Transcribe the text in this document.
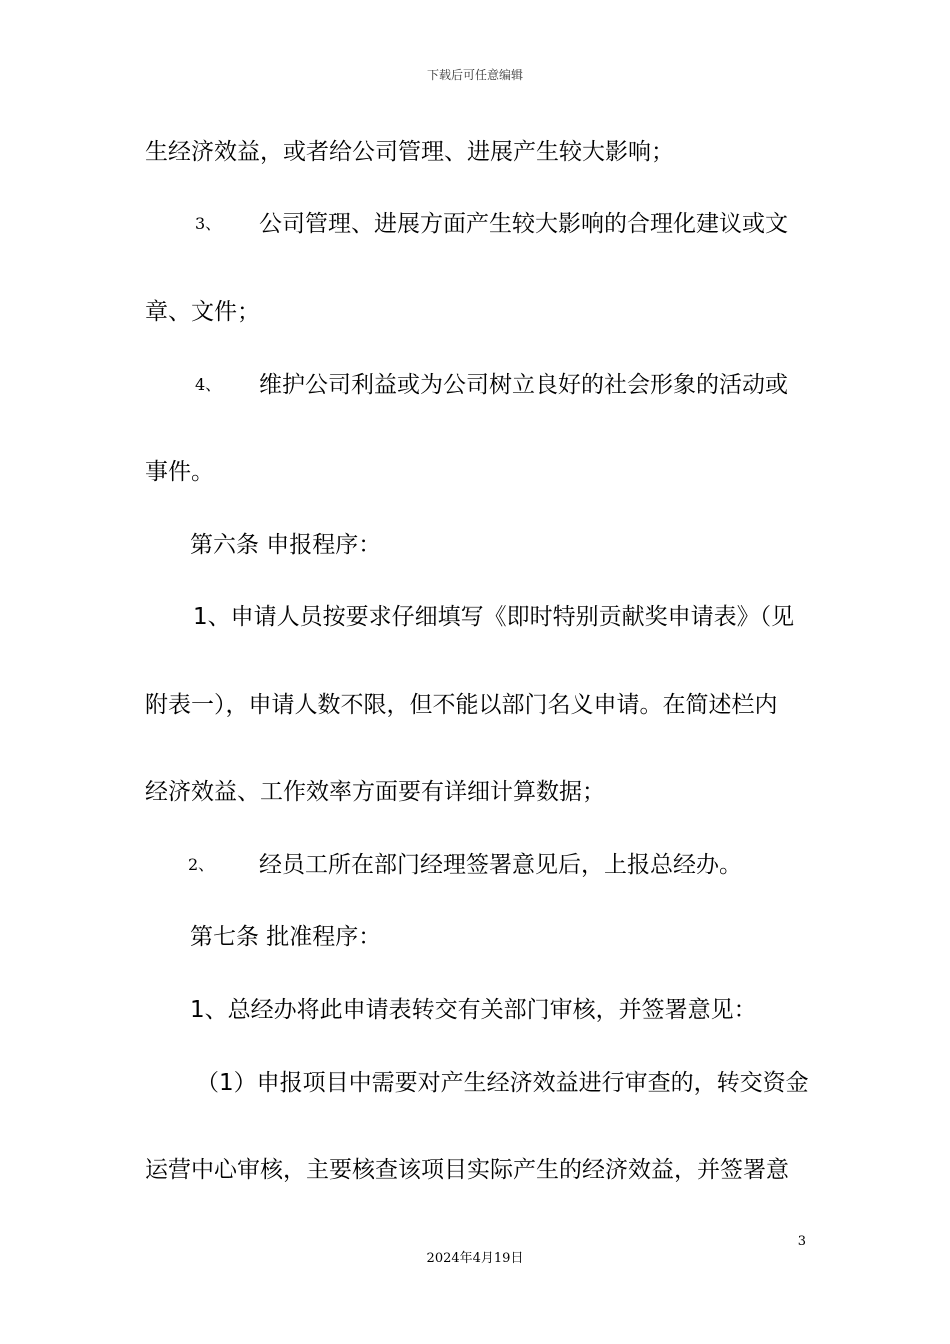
下载后可任意编辑
生经济效益，或者给公司管理、进展产生较大影响；
3、 公司管理、进展方面产生较大影响的合理化建议或文
章、文件；
4、 维护公司利益或为公司树立良好的社会形象的活动或
事件。
第六条 申报程序：
1、申请人员按要求仔细填写《即时特别贡献奖申请表》（见
附表一），申请人数不限，但不能以部门名义申请。在简述栏内
经济效益、工作效率方面要有详细计算数据；
2、 经员工所在部门经理签署意见后，上报总经办。
第七条 批准程序：
1、总经办将此申请表转交有关部门审核，并签署意见：
（1）申报项目中需要对产生经济效益进行审查的，转交资金
运营中心审核，主要核查该项目实际产生的经济效益，并签署意
3
2024年4月19日
